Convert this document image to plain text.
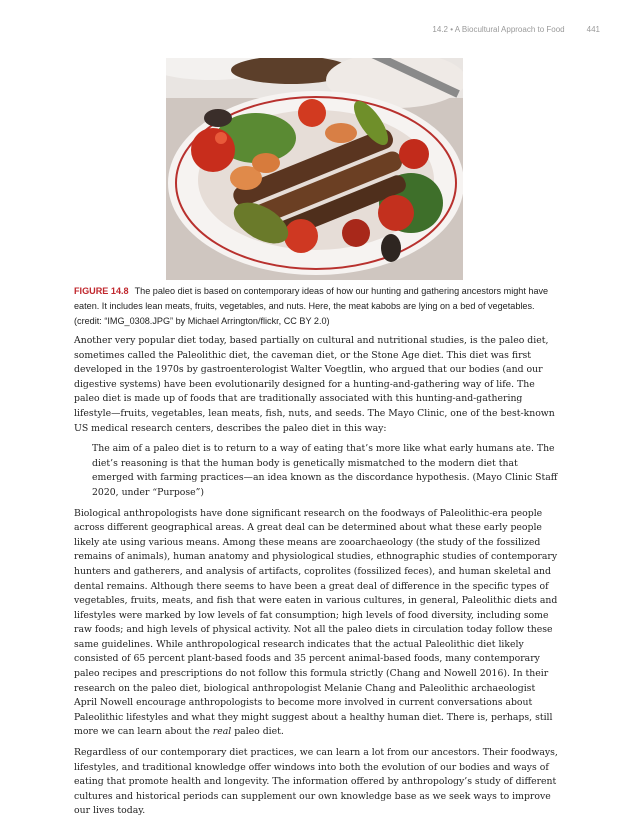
14.2 • A Biocultural Approach to Food	441
FIGURE 14.8 The paleo diet is based on contemporary ideas of how our hunting and gathering ancestors might have eaten. It includes lean meats, fruits, vegetables, and nuts. Here, the meat kabobs are lying on a bed of vegetables. (credit: “IMG_0308.JPG” by Michael Arrington/flickr, CC BY 2.0)

Another very popular diet today, based partially on cultural and nutritional studies, is the paleo diet, sometimes called the Paleolithic diet, the caveman diet, or the Stone Age diet. This diet was first developed in the 1970s by gastroenterologist Walter Voegtlin, who argued that our bodies (and our digestive systems) have been evolutionarily designed for a hunting-and-gathering way of life. The paleo diet is made up of foods that are traditionally associated with this hunting-and-gathering lifestyle—fruits, vegetables, lean meats, fish, nuts, and seeds. The Mayo Clinic, one of the best-known US medical research centers, describes the paleo diet in this way:

The aim of a paleo diet is to return to a way of eating that’s more like what early humans ate. The diet’s reasoning is that the human body is genetically mismatched to the modern diet that emerged with farming practices—an idea known as the discordance hypothesis. (Mayo Clinic Staff 2020, under “Purpose”)

Biological anthropologists have done significant research on the foodways of Paleolithic-era people across different geographical areas. A great deal can be determined about what these early people likely ate using various means. Among these means are zooarchaeology (the study of the fossilized remains of animals), human anatomy and physiological studies, ethnographic studies of contemporary hunters and gatherers, and analysis of artifacts, coprolites (fossilized feces), and human skeletal and dental remains. Although there seems to have been a great deal of difference in the specific types of vegetables, fruits, meats, and fish that were eaten in various cultures, in general, Paleolithic diets and lifestyles were marked by low levels of fat consumption; high levels of food diversity, including some raw foods; and high levels of physical activity. Not all the paleo diets in circulation today follow these same guidelines. While anthropological research indicates that the actual Paleolithic diet likely consisted of 65 percent plant-based foods and 35 percent animal-based foods, many contemporary paleo recipes and prescriptions do not follow this formula strictly (Chang and Nowell 2016). In their research on the paleo diet, biological anthropologist Melanie Chang and Paleolithic archaeologist April Nowell encourage anthropologists to become more involved in current conversations about Paleolithic lifestyles and what they might suggest about a healthy human diet. There is, perhaps, still more we can learn about the real paleo diet.

Regardless of our contemporary diet practices, we can learn a lot from our ancestors. Their foodways, lifestyles, and traditional knowledge offer windows into both the evolution of our bodies and ways of eating that promote health and longevity. The information offered by anthropology’s study of different cultures and historical periods can supplement our own knowledge base as we seek ways to improve our lives today.
